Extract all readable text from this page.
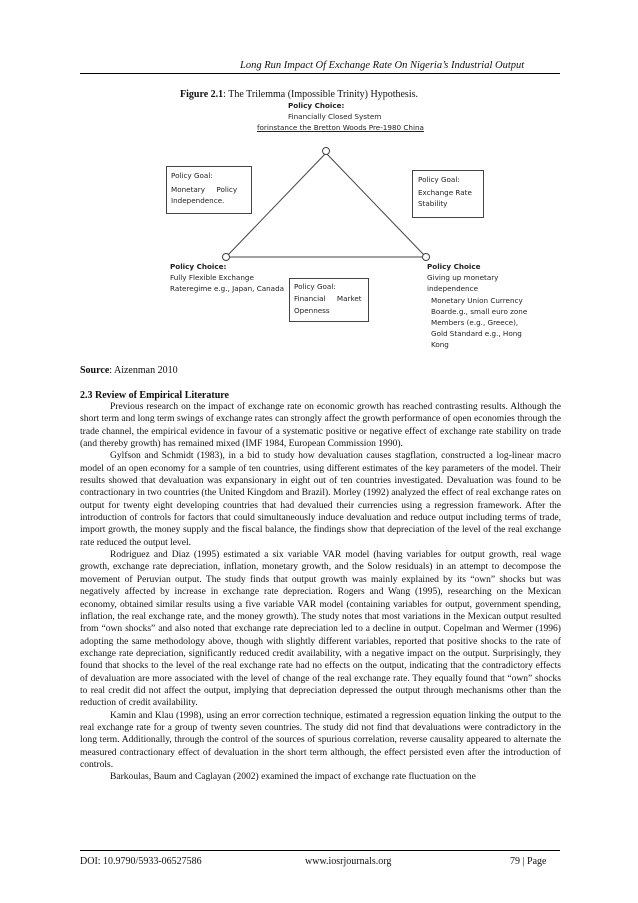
Long Run Impact Of Exchange Rate On Nigeria’s Industrial Output
Figure 2.1: The Trilemma (Impossible Trinity) Hypothesis.
Policy Choice:
Financially Closed System
forinstance the Bretton Woods Pre-1980 China
Policy Goal:
Monetary     Policy
Independence.
Policy Goal:
Exchange Rate
Stability
Policy Choice:
Fully Flexible Exchange
Rateregime e.g., Japan, Canada Policy Goal:
Financial     Market
Openness
Policy Choice
Giving up monetary
independence
Monetary Union Currency
Boarde.g., small euro zone
Members (e.g., Greece),
Gold Standard e.g., Hong
Kong
Source: Aizenman 2010
2.3 Review of Empirical Literature

Previous research on the impact of exchange rate on economic growth has reached contrasting results. Although the short term and long term swings of exchange rates can strongly affect the growth performance of open economies through the trade channel, the empirical evidence in favour of a systematic positive or negative effect of exchange rate stability on trade (and thereby growth) has remained mixed (IMF 1984, European Commission 1990).

Gylfson and Schmidt (1983), in a bid to study how devaluation causes stagflation, constructed a log-linear macro model of an open economy for a sample of ten countries, using different estimates of the key parameters of the model. Their results showed that devaluation was expansionary in eight out of ten countries investigated. Devaluation was found to be contractionary in two countries (the United Kingdom and Brazil). Morley (1992) analyzed the effect of real exchange rates on output for twenty eight developing countries that had devalued their currencies using a regression framework. After the introduction of controls for factors that could simultaneously induce devaluation and reduce output including terms of trade, import growth, the money supply and the fiscal balance, the findings show that depreciation of the level of the real exchange rate reduced the output level.

Rodriguez and Diaz (1995) estimated a six variable VAR model (having variables for output growth, real wage growth, exchange rate depreciation, inflation, monetary growth, and the Solow residuals) in an attempt to decompose the movement of Peruvian output. The study finds that output growth was mainly explained by its “own” shocks but was negatively affected by increase in exchange rate depreciation. Rogers and Wang (1995), researching on the Mexican economy, obtained similar results using a five variable VAR model (containing variables for output, government spending, inflation, the real exchange rate, and the money growth). The study notes that most variations in the Mexican output resulted from “own shocks” and also noted that exchange rate depreciation led to a decline in output. Copelman and Wermer (1996) adopting the same methodology above, though with slightly different variables, reported that positive shocks to the rate of exchange rate depreciation, significantly reduced credit availability, with a negative impact on the output. Surprisingly, they found that shocks to the level of the real exchange rate had no effects on the output, indicating that the contradictory effects of devaluation are more associated with the level of change of the real exchange rate. They equally found that “own” shocks to real credit did not affect the output, implying that depreciation depressed the output through mechanisms other than the reduction of credit availability.

Kamin and Klau (1998), using an error correction technique, estimated a regression equation linking the output to the real exchange rate for a group of twenty seven countries. The study did not find that devaluations were contradictory in the long term. Additionally, through the control of the sources of spurious correlation, reverse causality appeared to alternate the measured contractionary effect of devaluation in the short term although, the effect persisted even after the introduction of controls.

Barkoulas, Baum and Caglayan (2002) examined the impact of exchange rate fluctuation on the

DOI: 10.9790/5933-06527586	www.iosrjournals.org	79 | Page
